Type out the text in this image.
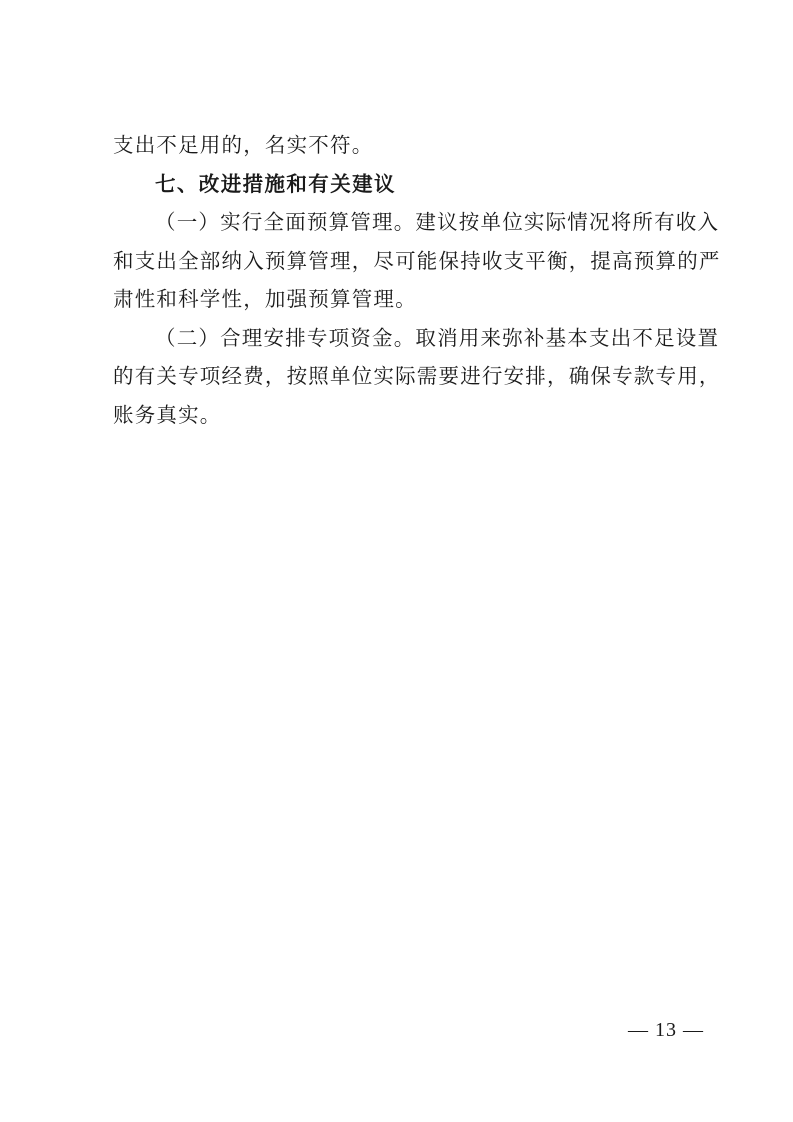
支出不足用的，名实不符。
七、改进措施和有关建议
（一）实行全面预算管理。建议按单位实际情况将所有收入
和支出全部纳入预算管理，尽可能保持收支平衡，提高预算的严
肃性和科学性，加强预算管理。
（二）合理安排专项资金。取消用来弥补基本支出不足设置
的有关专项经费，按照单位实际需要进行安排，确保专款专用，
账务真实。
— 13 —
